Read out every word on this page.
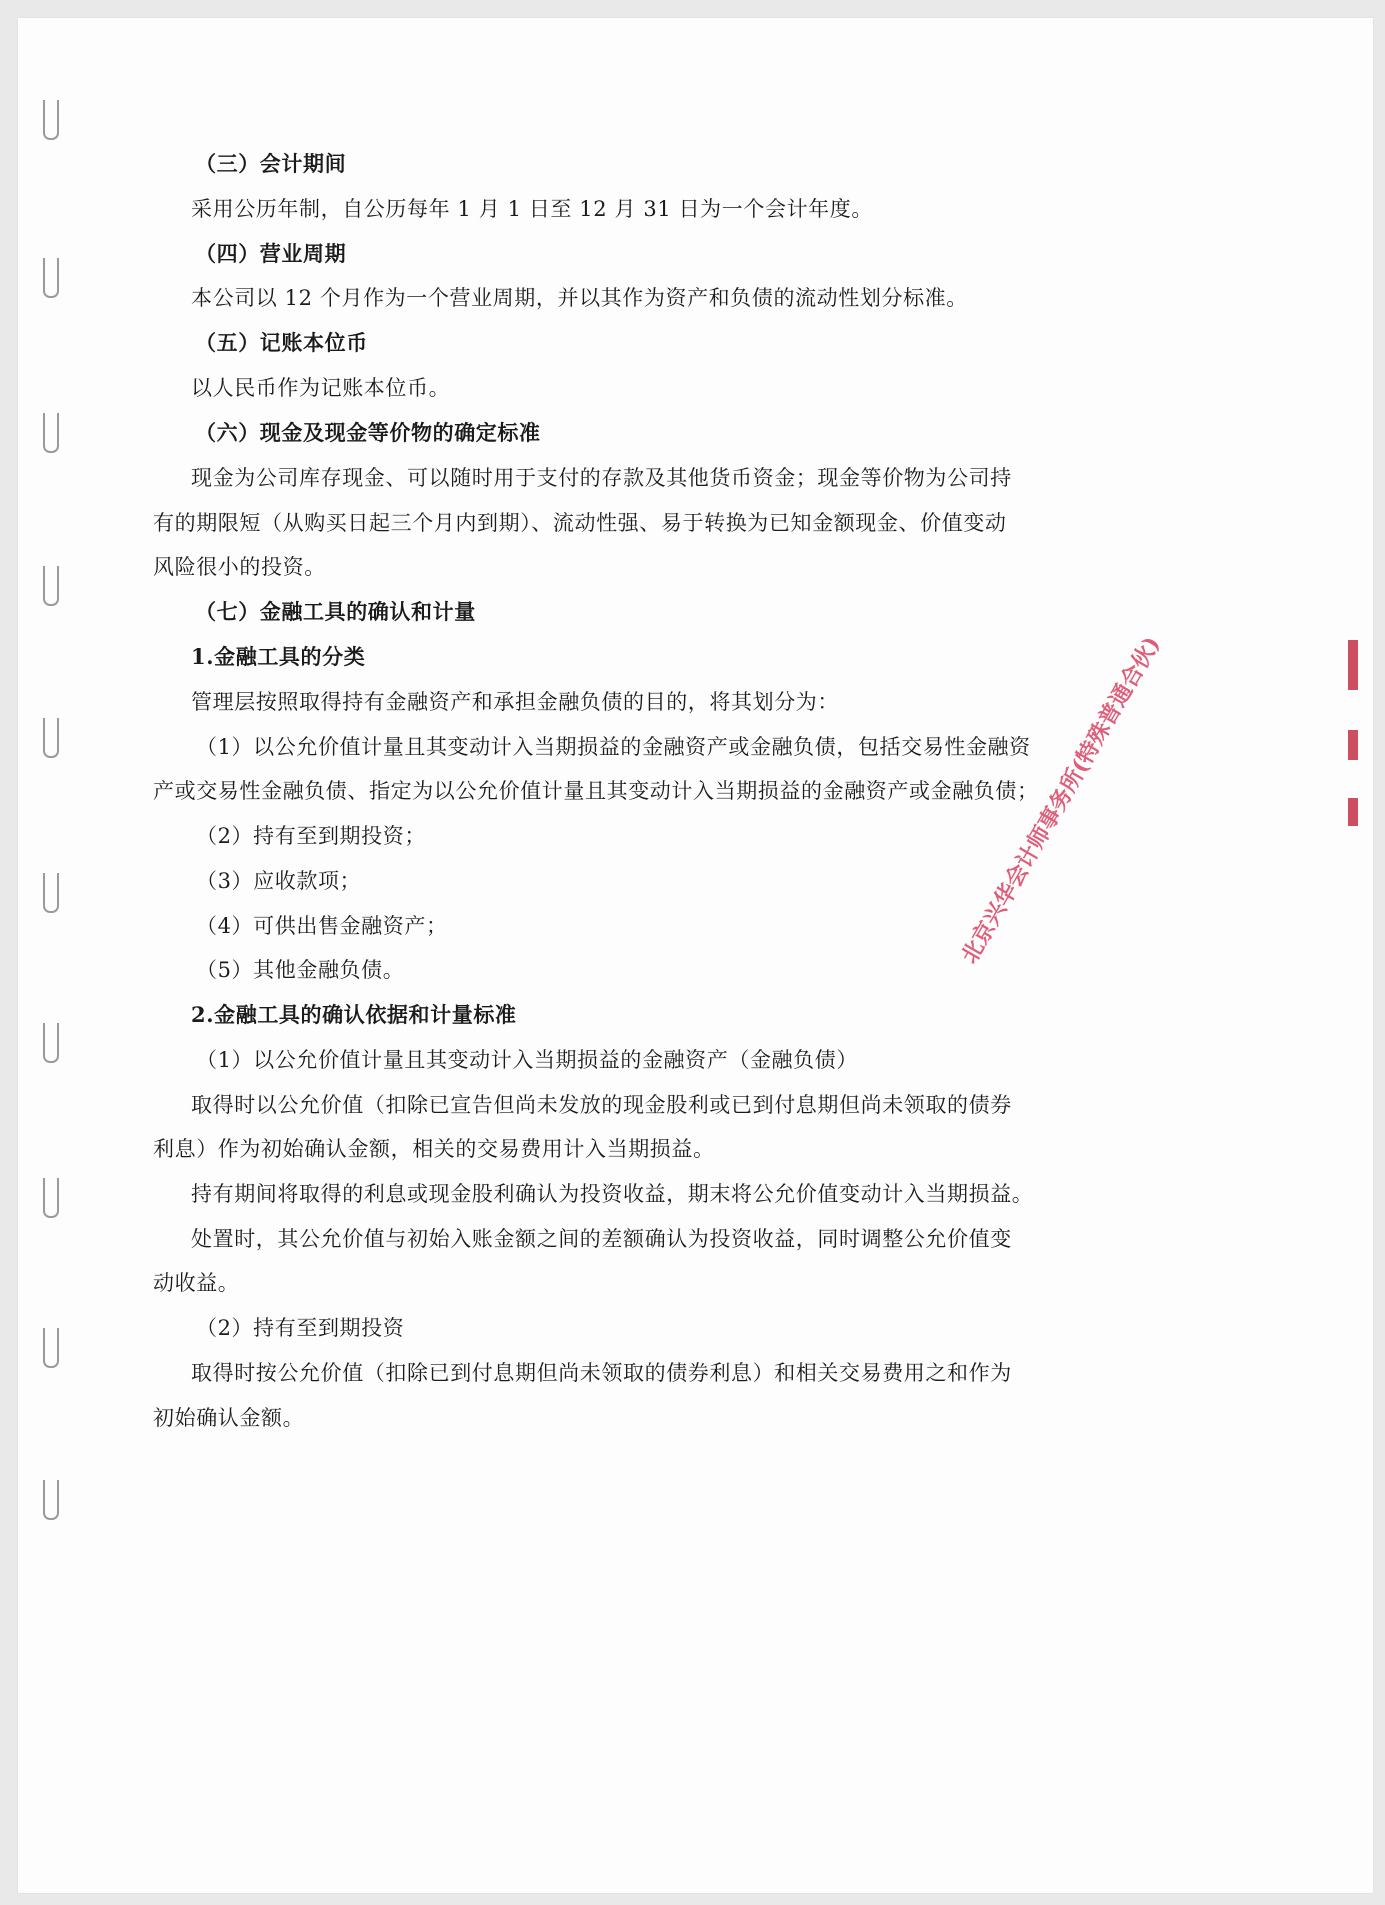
（三）会计期间
采用公历年制，自公历每年 1 月 1 日至 12 月 31 日为一个会计年度。
（四）营业周期
本公司以 12 个月作为一个营业周期，并以其作为资产和负债的流动性划分标准。
（五）记账本位币
以人民币作为记账本位币。
（六）现金及现金等价物的确定标准
现金为公司库存现金、可以随时用于支付的存款及其他货币资金；现金等价物为公司持
有的期限短（从购买日起三个月内到期）、流动性强、易于转换为已知金额现金、价值变动
风险很小的投资。
（七）金融工具的确认和计量
1.金融工具的分类
管理层按照取得持有金融资产和承担金融负债的目的，将其划分为：
（1）以公允价值计量且其变动计入当期损益的金融资产或金融负债，包括交易性金融资
产或交易性金融负债、指定为以公允价值计量且其变动计入当期损益的金融资产或金融负债；
（2）持有至到期投资；
（3）应收款项；
（4）可供出售金融资产；
（5）其他金融负债。
2.金融工具的确认依据和计量标准
（1）以公允价值计量且其变动计入当期损益的金融资产（金融负债）
取得时以公允价值（扣除已宣告但尚未发放的现金股利或已到付息期但尚未领取的债券
利息）作为初始确认金额，相关的交易费用计入当期损益。
持有期间将取得的利息或现金股利确认为投资收益，期末将公允价值变动计入当期损益。
处置时，其公允价值与初始入账金额之间的差额确认为投资收益，同时调整公允价值变
动收益。
（2）持有至到期投资
取得时按公允价值（扣除已到付息期但尚未领取的债券利息）和相关交易费用之和作为
初始确认金额。
北京兴华会计师事务所(特殊普通合伙)
